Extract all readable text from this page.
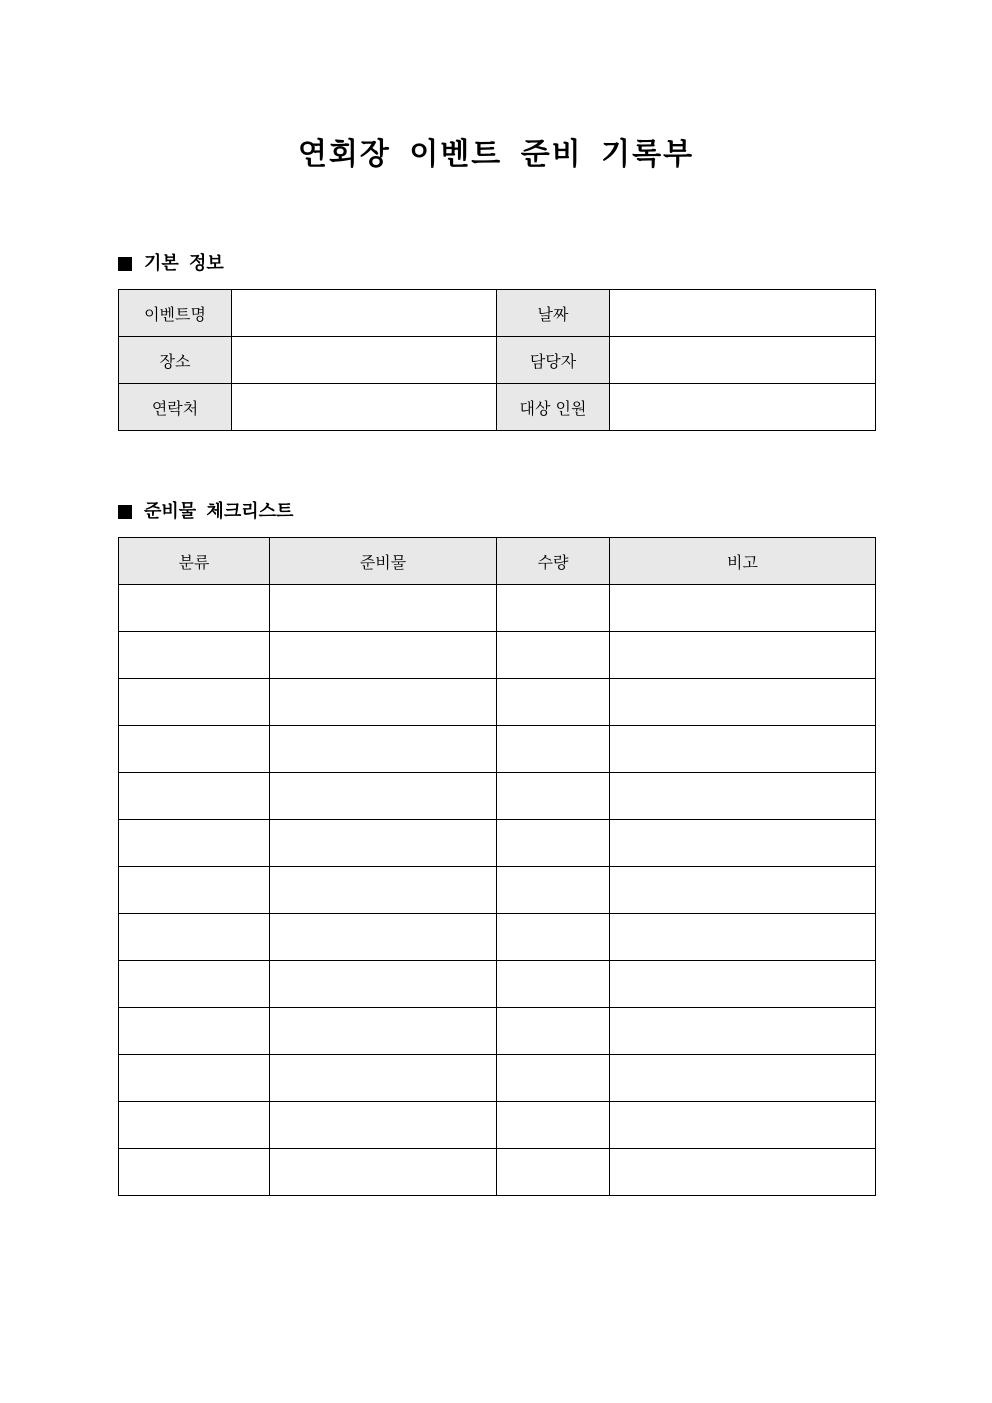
연회장 이벤트 준비 기록부
기본 정보
이벤트명		날짜	
장소		담당자	
연락처		대상 인원	
준비물 체크리스트
분류	준비물	수량	비고
